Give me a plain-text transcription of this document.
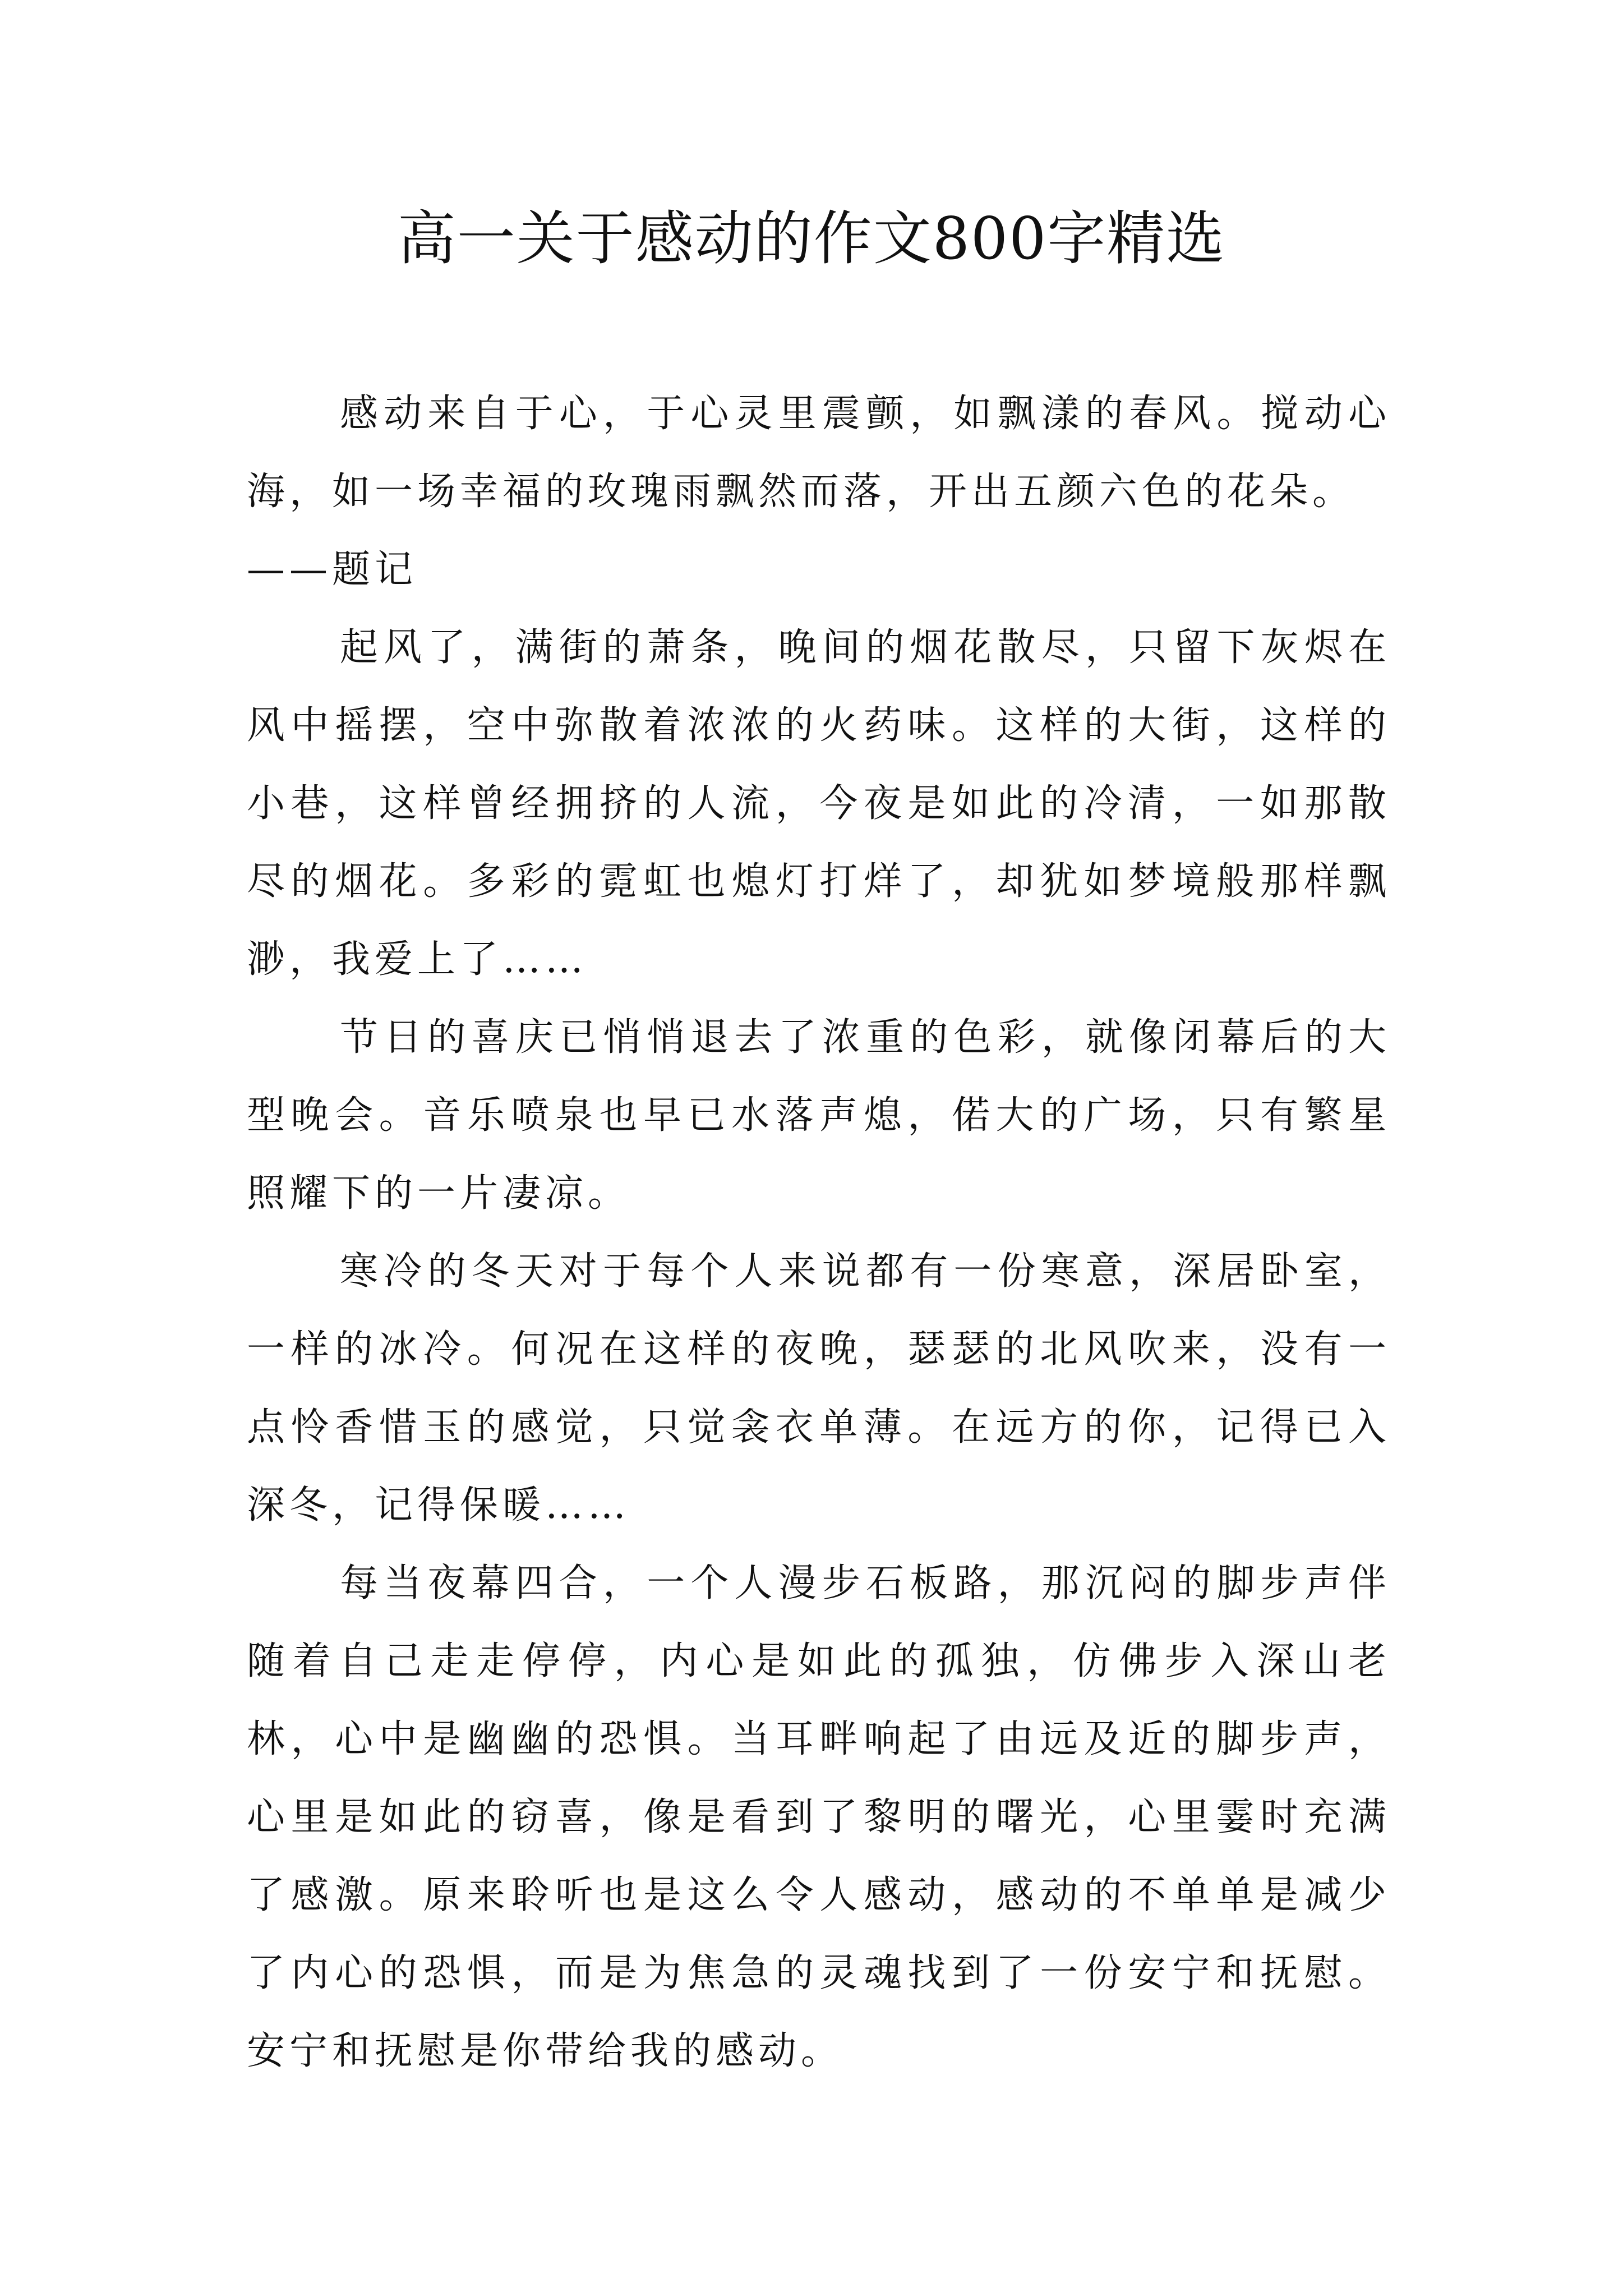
高一关于感动的作文800字精选

感动来自于心，于心灵里震颤，如飘漾的春风。搅动心海，如一场幸福的玫瑰雨飘然而落，开出五颜六色的花朵。
——题记

起风了，满街的萧条，晚间的烟花散尽，只留下灰烬在风中摇摆，空中弥散着浓浓的火药味。这样的大街，这样的小巷，这样曾经拥挤的人流，今夜是如此的冷清，一如那散尽的烟花。多彩的霓虹也熄灯打烊了，却犹如梦境般那样飘渺，我爱上了……

节日的喜庆已悄悄退去了浓重的色彩，就像闭幕后的大型晚会。音乐喷泉也早已水落声熄，偌大的广场，只有繁星照耀下的一片凄凉。

寒冷的冬天对于每个人来说都有一份寒意，深居卧室，一样的冰冷。何况在这样的夜晚，瑟瑟的北风吹来，没有一点怜香惜玉的感觉，只觉衾衣单薄。在远方的你，记得已入深冬，记得保暖……

每当夜幕四合，一个人漫步石板路，那沉闷的脚步声伴随着自己走走停停，内心是如此的孤独，仿佛步入深山老林，心中是幽幽的恐惧。当耳畔响起了由远及近的脚步声，心里是如此的窃喜，像是看到了黎明的曙光，心里霎时充满了感激。原来聆听也是这么令人感动，感动的不单单是减少了内心的恐惧，而是为焦急的灵魂找到了一份安宁和抚慰。安宁和抚慰是你带给我的感动。
